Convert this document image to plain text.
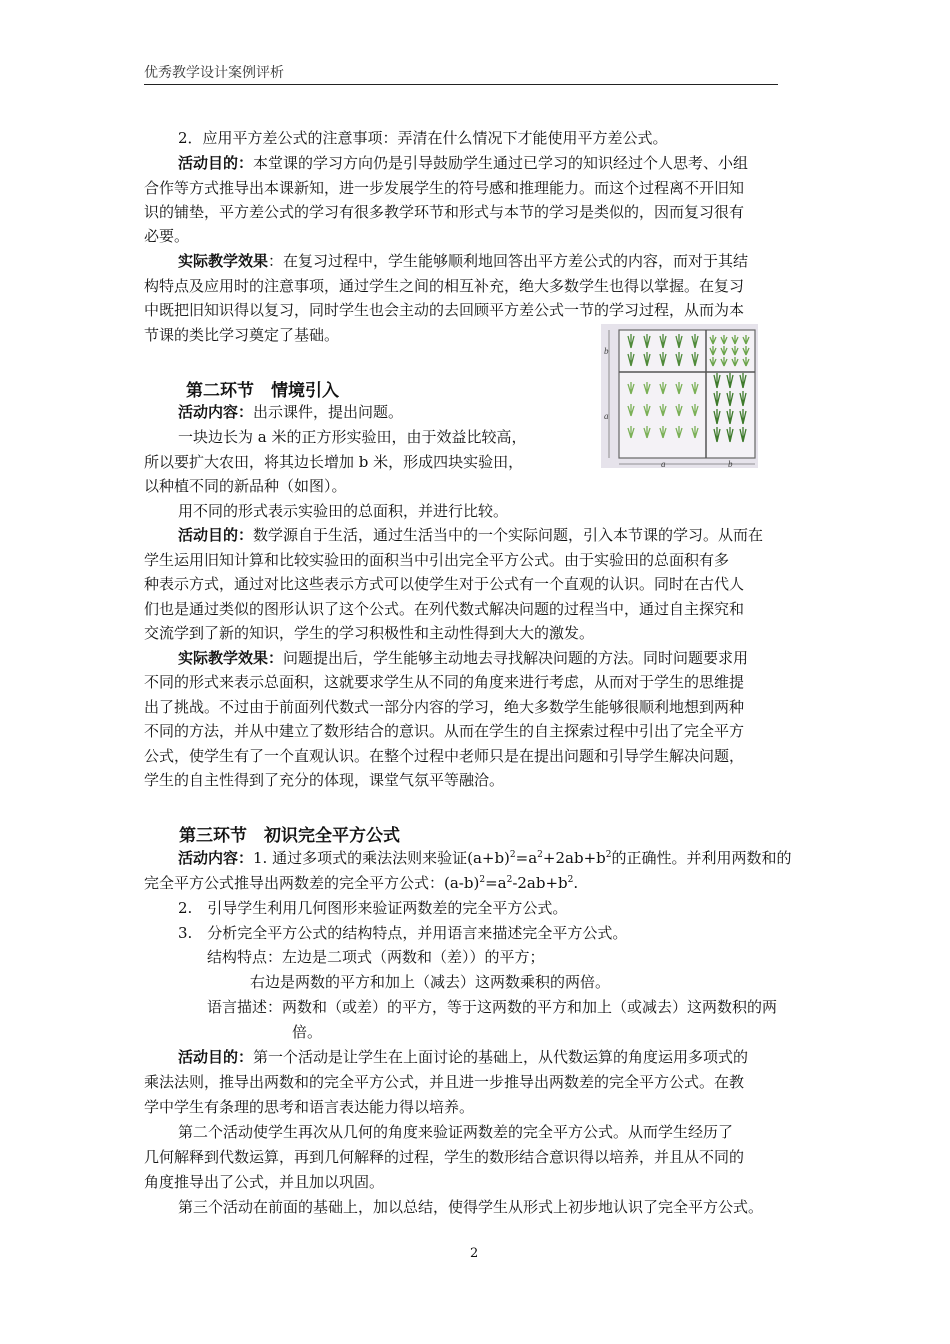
优秀教学设计案例评析
2．应用平方差公式的注意事项：弄清在什么情况下才能使用平方差公式。
活动目的：本堂课的学习方向仍是引导鼓励学生通过已学习的知识经过个人思考、小组
合作等方式推导出本课新知，进一步发展学生的符号感和推理能力。而这个过程离不开旧知
识的铺垫，平方差公式的学习有很多教学环节和形式与本节的学习是类似的，因而复习很有
必要。
实际教学效果：在复习过程中，学生能够顺利地回答出平方差公式的内容，而对于其结
构特点及应用时的注意事项，通过学生之间的相互补充，绝大多数学生也得以掌握。在复习
中既把旧知识得以复习，同时学生也会主动的去回顾平方差公式一节的学习过程，从而为本
节课的类比学习奠定了基础。
a
b
a	b
第二环节　情境引入
活动内容：出示课件，提出问题。
一块边长为 a 米的正方形实验田，由于效益比较高，
所以要扩大农田，将其边长增加 b 米，形成四块实验田，
以种植不同的新品种（如图）。
用不同的形式表示实验田的总面积，并进行比较。
活动目的：数学源自于生活，通过生活当中的一个实际问题，引入本节课的学习。从而在
学生运用旧知计算和比较实验田的面积当中引出完全平方公式。由于实验田的总面积有多
种表示方式，通过对比这些表示方式可以使学生对于公式有一个直观的认识。同时在古代人
们也是通过类似的图形认识了这个公式。在列代数式解决问题的过程当中，通过自主探究和
交流学到了新的知识，学生的学习积极性和主动性得到大大的激发。
实际教学效果：问题提出后，学生能够主动地去寻找解决问题的方法。同时问题要求用
不同的形式来表示总面积，这就要求学生从不同的角度来进行考虑，从而对于学生的思维提
出了挑战。不过由于前面列代数式一部分内容的学习，绝大多数学生能够很顺利地想到两种
不同的方法，并从中建立了数形结合的意识。从而在学生的自主探索过程中引出了完全平方
公式，使学生有了一个直观认识。在整个过程中老师只是在提出问题和引导学生解决问题，
学生的自主性得到了充分的体现，课堂气氛平等融洽。
第三环节　初识完全平方公式
活动内容：1. 通过多项式的乘法法则来验证$(a+b)^2=a^2+2ab+b^2$的正确性。并利用两数和的
完全平方公式推导出两数差的完全平方公式：$(a-b)^2=a^2-2ab+b^2$.
2.　引导学生利用几何图形来验证两数差的完全平方公式。
3.　分析完全平方公式的结构特点，并用语言来描述完全平方公式。
结构特点：左边是二项式（两数和（差））的平方；
右边是两数的平方和加上（减去）这两数乘积的两倍。
语言描述：两数和（或差）的平方，等于这两数的平方和加上（或减去）这两数积的两
倍。
活动目的：第一个活动是让学生在上面讨论的基础上，从代数运算的角度运用多项式的
乘法法则，推导出两数和的完全平方公式，并且进一步推导出两数差的完全平方公式。在教
学中学生有条理的思考和语言表达能力得以培养。
第二个活动使学生再次从几何的角度来验证两数差的完全平方公式。从而学生经历了
几何解释到代数运算，再到几何解释的过程，学生的数形结合意识得以培养，并且从不同的
角度推导出了公式，并且加以巩固。
第三个活动在前面的基础上，加以总结，使得学生从形式上初步地认识了完全平方公式。
2
